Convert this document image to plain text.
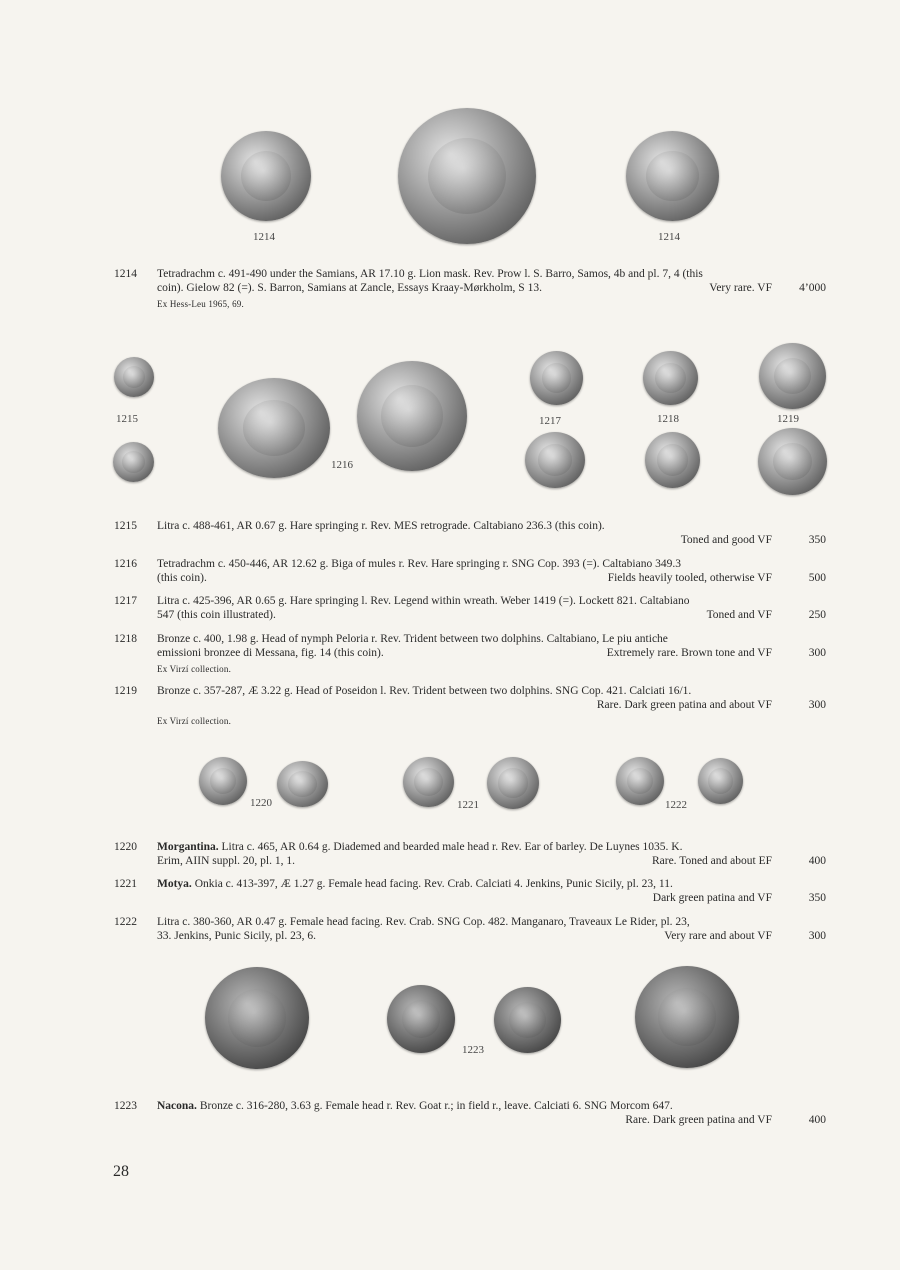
1214	1214
1214	Tetradrachm c. 491-490 under the Samians, AR 17.10 g. Lion mask. Rev. Prow l. S. Barro, Samos, 4b and pl. 7, 4 (this
coin). Gielow 82 (=). S. Barron, Samians at Zancle, Essays Kraay-Mørkholm, S 13.	Very rare. VF 4’000
Ex Hess-Leu 1965, 69.
1215
1216
1217	1218	1219
1215	Litra c. 488-461, AR 0.67 g. Hare springing r. Rev. MES retrograde. Caltabiano 236.3 (this coin).
Toned and good VF	350
1216	Tetradrachm c. 450-446, AR 12.62 g. Biga of mules r. Rev. Hare springing r. SNG Cop. 393 (=). Caltabiano 349.3
(this coin).	Fields heavily tooled, otherwise VF	500
1217	Litra c. 425-396, AR 0.65 g. Hare springing l. Rev. Legend within wreath. Weber 1419 (=). Lockett 821. Caltabiano
547 (this coin illustrated).	Toned and VF	250
1218	Bronze c. 400, 1.98 g. Head of nymph Peloria r. Rev. Trident between two dolphins. Caltabiano, Le piu antiche
emissioni bronzee di Messana, fig. 14 (this coin).	Extremely rare. Brown tone and VF	300
Ex Virzí collection.
1219	Bronze c. 357-287, Æ 3.22 g. Head of Poseidon l. Rev. Trident between two dolphins. SNG Cop. 421. Calciati 16/1.
Rare. Dark green patina and about VF	300
Ex Virzí collection.
1220	1221	1222
1220	Morgantina. Litra c. 465, AR 0.64 g. Diademed and bearded male head r. Rev. Ear of barley. De Luynes 1035. K.
Erim, AIIN suppl. 20, pl. 1, 1.	Rare. Toned and about EF	400
1221	Motya. Onkia c. 413-397, Æ 1.27 g. Female head facing. Rev. Crab. Calciati 4. Jenkins, Punic Sicily, pl. 23, 11.
Dark green patina and VF	350
1222	Litra c. 380-360, AR 0.47 g. Female head facing. Rev. Crab. SNG Cop. 482. Manganaro, Traveaux Le Rider, pl. 23,
33. Jenkins, Punic Sicily, pl. 23, 6.	Very rare and about VF	300
1223
1223	Nacona. Bronze c. 316-280, 3.63 g. Female head r. Rev. Goat r.; in field r., leave. Calciati 6. SNG Morcom 647.
Rare. Dark green patina and VF	400
28
